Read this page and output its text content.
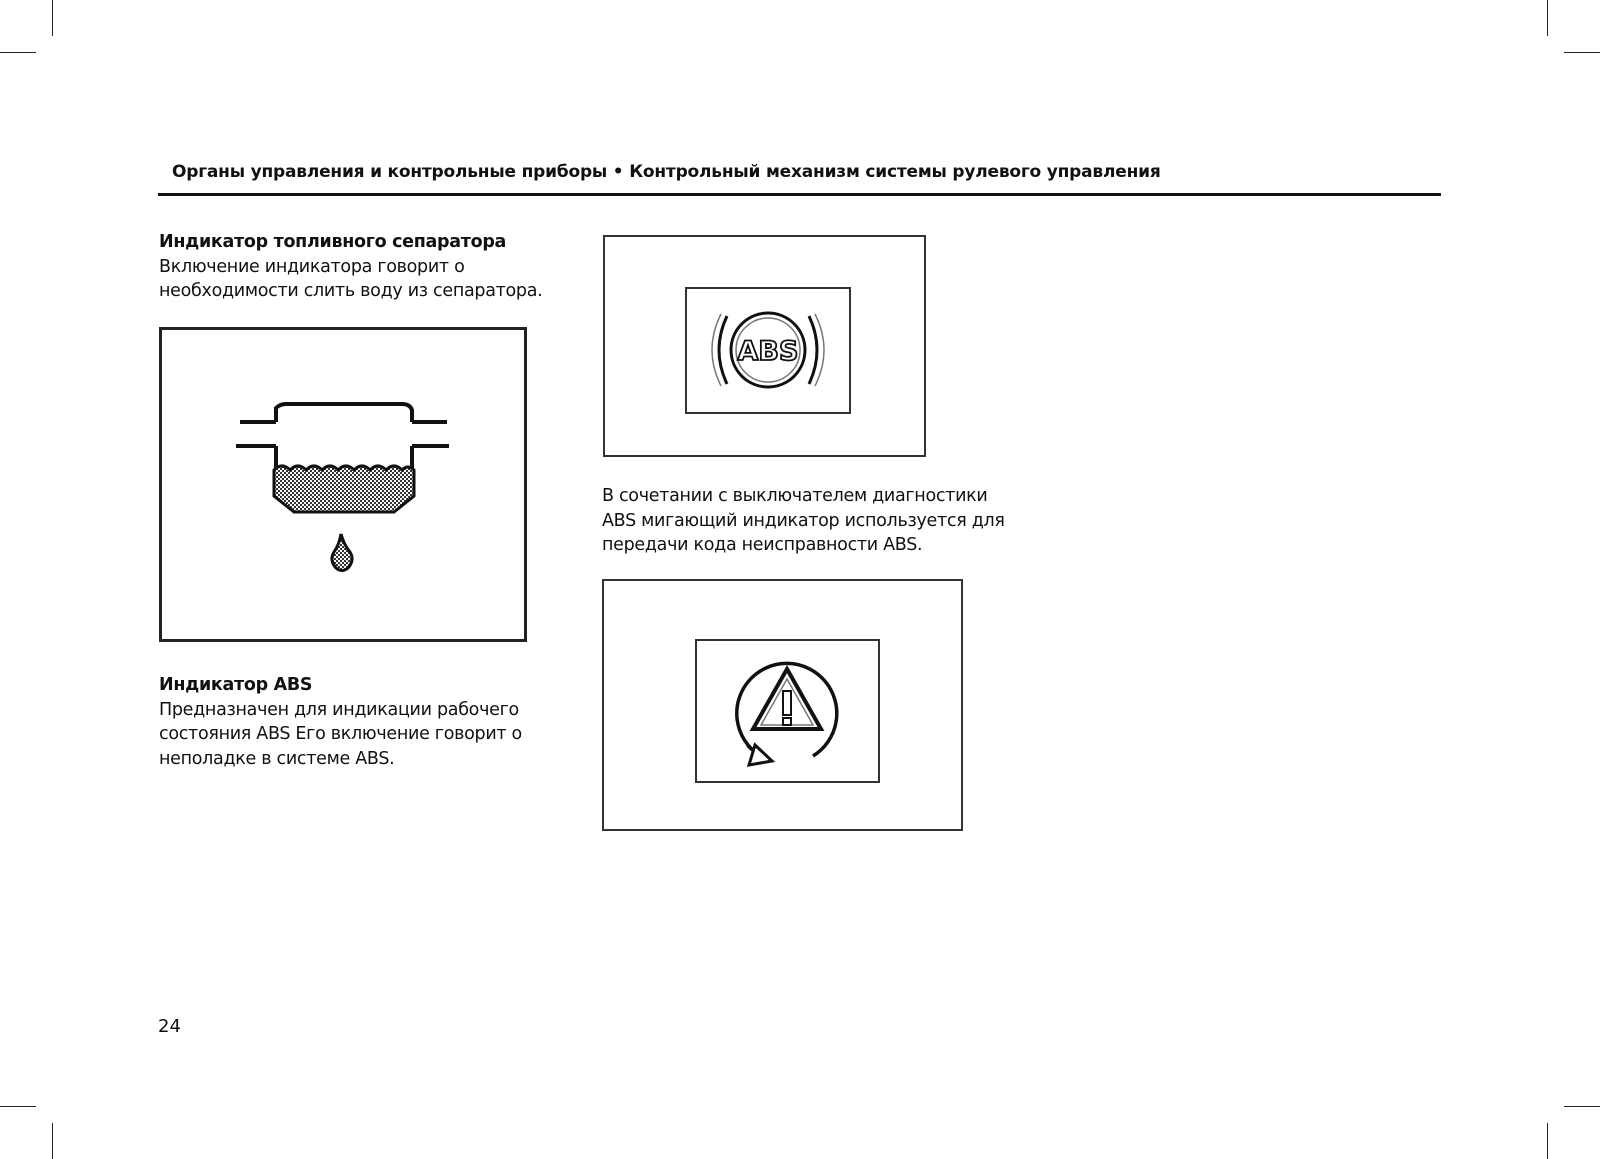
Органы управления и контрольные приборы • Контрольный механизм системы рулевого управления
Индикатор топливного сепаратора
Включение индикатора говорит о
необходимости слить воду из сепаратора.
Индикатор ABS
Предназначен для индикации рабочего
состояния ABS Его включение говорит о
неполадке в системе ABS.
ABS
В сочетании с выключателем диагностики
ABS мигающий индикатор используется для
передачи кода неисправности ABS.
24
